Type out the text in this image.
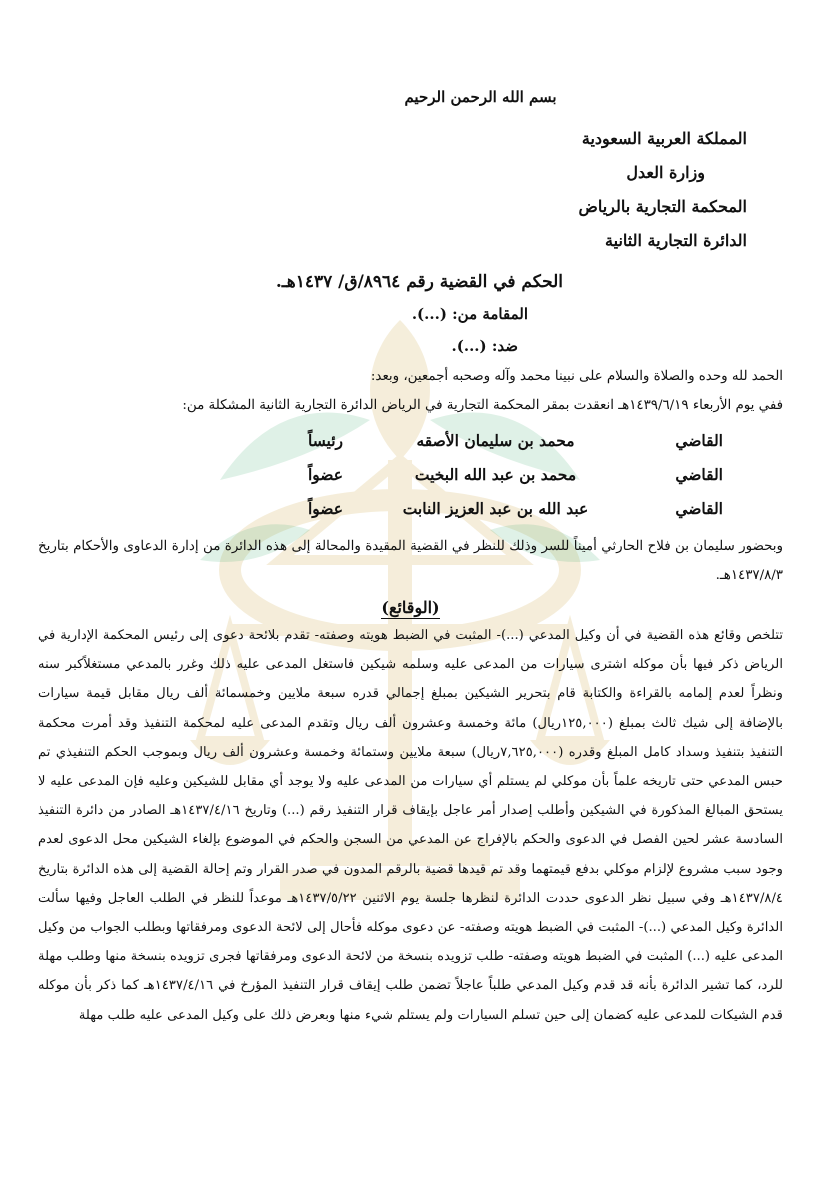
بسم الله الرحمن الرحيم

المملكة العربية السعودية

وزارة العدل

المحكمة التجارية بالرياض

الدائرة التجارية الثانية

الحكم في القضية رقم ٨٩٦٤/ق/ ١٤٣٧هـ.

المقامة من: (...).

ضد: (...).

الحمد لله وحده والصلاة والسلام على نبينا محمد وآله وصحبه أجمعين، وبعد:

ففي يوم الأربعاء ١٤٣٩/٦/١٩هـ انعقدت بمقر المحكمة التجارية في الرياض الدائرة التجارية الثانية المشكلة من:

القاضي
محمد بن سليمان الأصقه
رئيساً
القاضي
محمد بن عبد الله البخيت
عضواً
القاضي
عبد الله بن عبد العزيز النابت
عضواً

وبحضور سليمان بن فلاح الحارثي أميناً للسر وذلك للنظر في القضية المقيدة والمحالة إلى هذه الدائرة من إدارة الدعاوى والأحكام بتاريخ ١٤٣٧/٨/٣هـ.

(الوقائع)

تتلخص وقائع هذه القضية في أن وكيل المدعي (...)- المثبت في الضبط هويته وصفته- تقدم بلائحة دعوى إلى رئيس المحكمة الإدارية في الرياض ذكر فيها بأن موكله اشترى سيارات من المدعى عليه وسلمه شيكين فاستغل المدعى عليه ذلك وغرر بالمدعي مستغلاًكبر سنه ونظراً لعدم إلمامه بالقراءة والكتابة قام بتحرير الشيكين بمبلغ إجمالي قدره سبعة ملايين وخمسمائة ألف ريال مقابل قيمة سيارات بالإضافة إلى شيك ثالث بمبلغ (١٢٥,٠٠٠ريال) مائة وخمسة وعشرون ألف ريال وتقدم المدعى عليه لمحكمة التنفيذ وقد أمرت محكمة التنفيذ بتنفيذ وسداد كامل المبلغ وقدره (٧,٦٢٥,٠٠٠ريال) سبعة ملايين وستمائة وخمسة وعشرون ألف ريال وبموجب الحكم التنفيذي تم حبس المدعي حتى تاريخه علماً بأن موكلي لم يستلم أي سيارات من المدعى عليه ولا يوجد أي مقابل للشيكين وعليه فإن المدعى عليه لا يستحق المبالغ المذكورة في الشيكين وأطلب إصدار أمر عاجل بإيقاف قرار التنفيذ رقم (...) وتاريخ ١٤٣٧/٤/١٦هـ الصادر من دائرة التنفيذ السادسة عشر لحين الفصل في الدعوى والحكم بالإفراج عن المدعي من السجن والحكم في الموضوع بإلغاء الشيكين محل الدعوى لعدم وجود سبب مشروع لإلزام موكلي بدفع قيمتهما وقد تم قيدها قضية بالرقم المدون في صدر القرار وتم إحالة القضية إلى هذه الدائرة بتاريخ ١٤٣٧/٨/٤هـ وفي سبيل نظر الدعوى حددت الدائرة لنظرها جلسة يوم الاثنين ١٤٣٧/٥/٢٢هـ موعداً للنظر في الطلب العاجل وفيها سألت الدائرة وكيل المدعي (...)- المثبت في الضبط هويته وصفته- عن دعوى موكله فأحال إلى لائحة الدعوى ومرفقاتها وبطلب الجواب من وكيل المدعى عليه (...) المثبت في الضبط هويته وصفته- طلب تزويده بنسخة من لائحة الدعوى ومرفقاتها فجرى تزويده بنسخة منها وطلب مهلة للرد، كما تشير الدائرة بأنه قد قدم وكيل المدعي طلباً عاجلاً تضمن طلب إيقاف قرار التنفيذ المؤرخ في ١٤٣٧/٤/١٦هـ كما ذكر بأن موكله قدم الشيكات للمدعى عليه كضمان إلى حين تسلم السيارات ولم يستلم شيء منها وبعرض ذلك على وكيل المدعى عليه طلب مهلة
